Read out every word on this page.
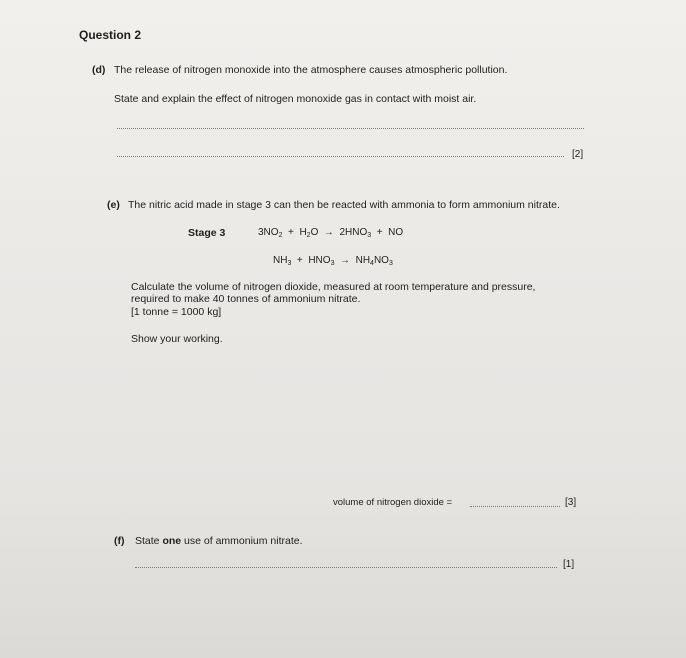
Question 2
(d) The release of nitrogen monoxide into the atmosphere causes atmospheric pollution.
State and explain the effect of nitrogen monoxide gas in contact with moist air.
[2]
(e) The nitric acid made in stage 3 can then be reacted with ammonia to form ammonium nitrate.
Stage 3	$3NO_2 + H_2O \to 2HNO_3$ + NO
$NH_3 + HNO_3 \to NH_4NO_3$
Calculate the volume of nitrogen dioxide, measured at room temperature and pressure,
required to make 40 tonnes of ammonium nitrate.
[1 tonne = 1000 kg]
Show your working.
volume of nitrogen dioxide =	[3]
(f) State one use of ammonium nitrate.
[1]
